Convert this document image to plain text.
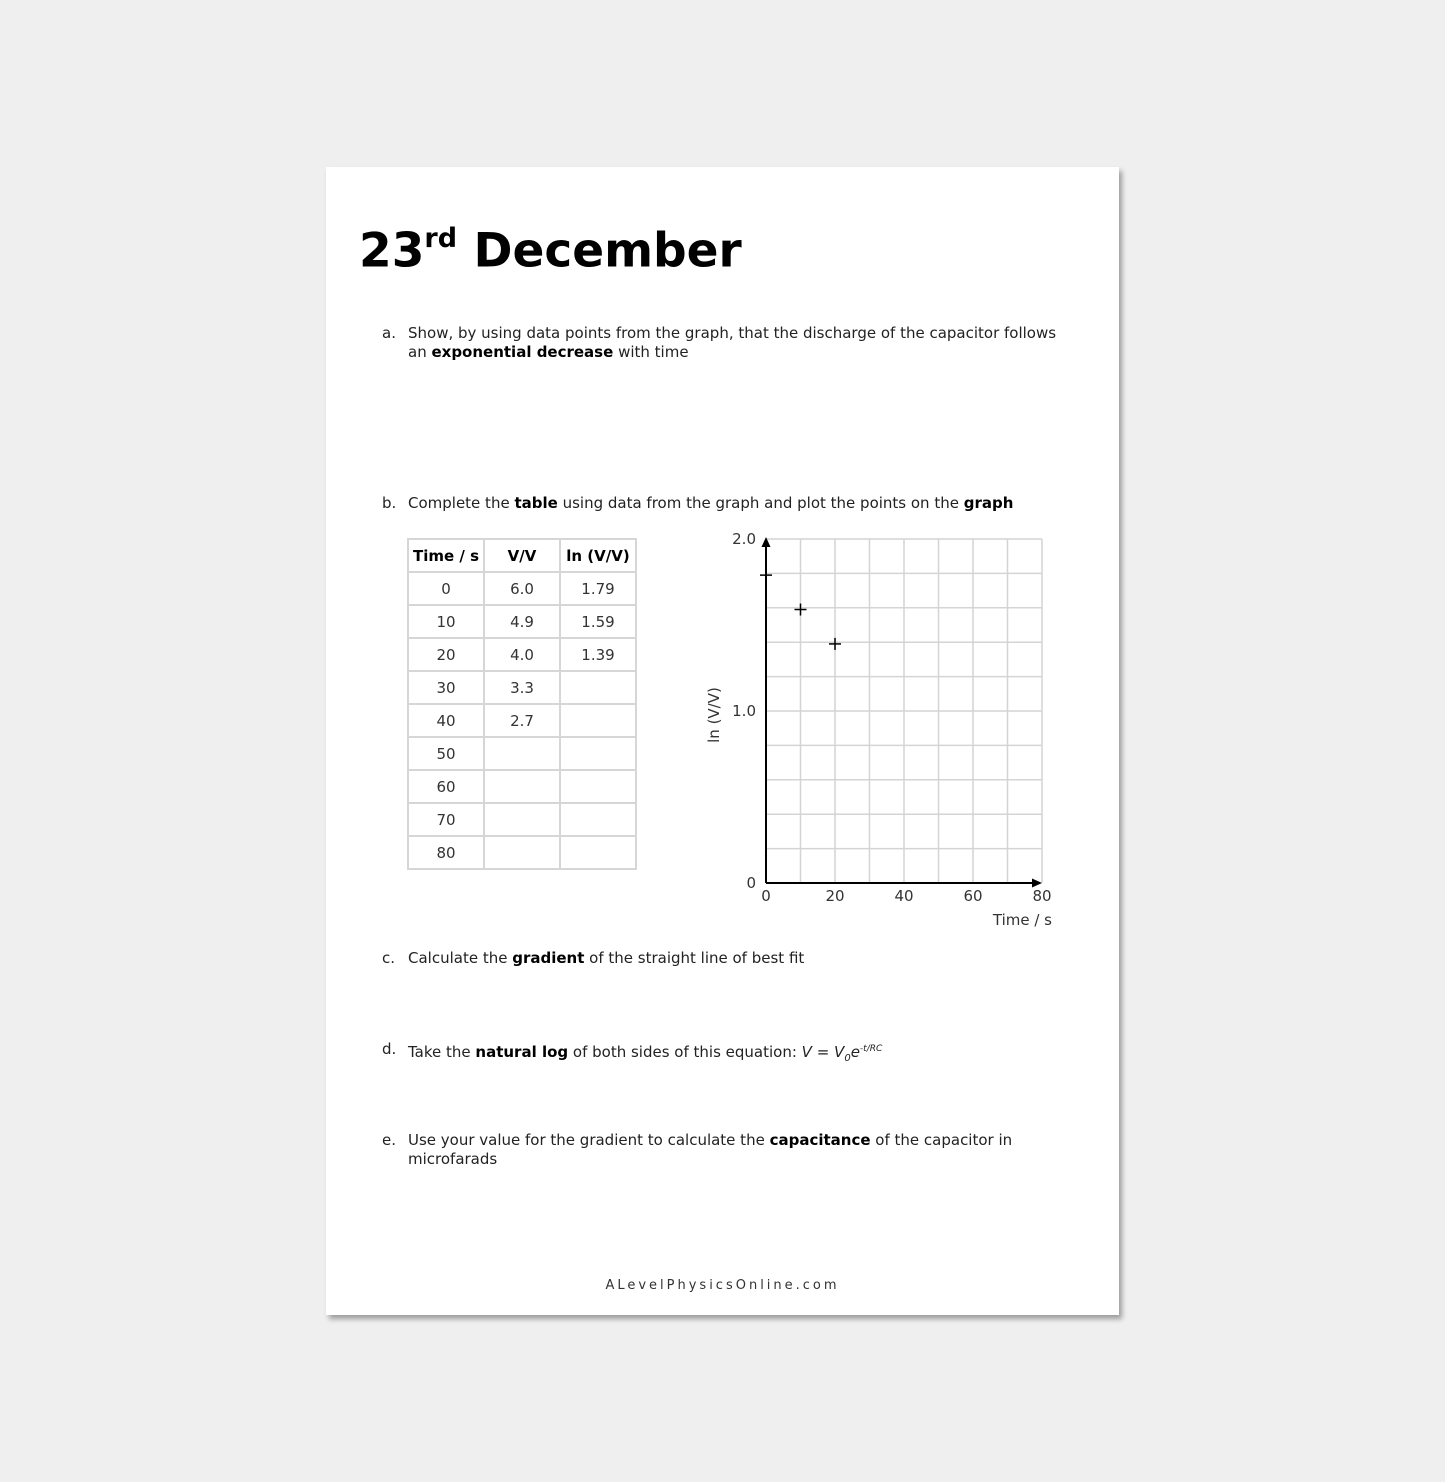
23rd December
a. Show, by using data points from the graph, that the discharge of the capacitor follows an exponential decrease with time
b. Complete the table using data from the graph and plot the points on the graph
Time / s	V/V	ln (V/V)
0	6.0	1.79
10	4.9	1.59
20	4.0	1.39
30	3.3	
40	2.7	
50		
60		
70		
80		
0	20	40	60	80
0
1.0
2.0
Time / s
ln (V/V)
c. Calculate the gradient of the straight line of best fit
d. Take the natural log of both sides of this equation: $V = V_0e^{-t/RC}$
e. Use your value for the gradient to calculate the capacitance of the capacitor in microfarads
ALevelPhysicsOnline.com
